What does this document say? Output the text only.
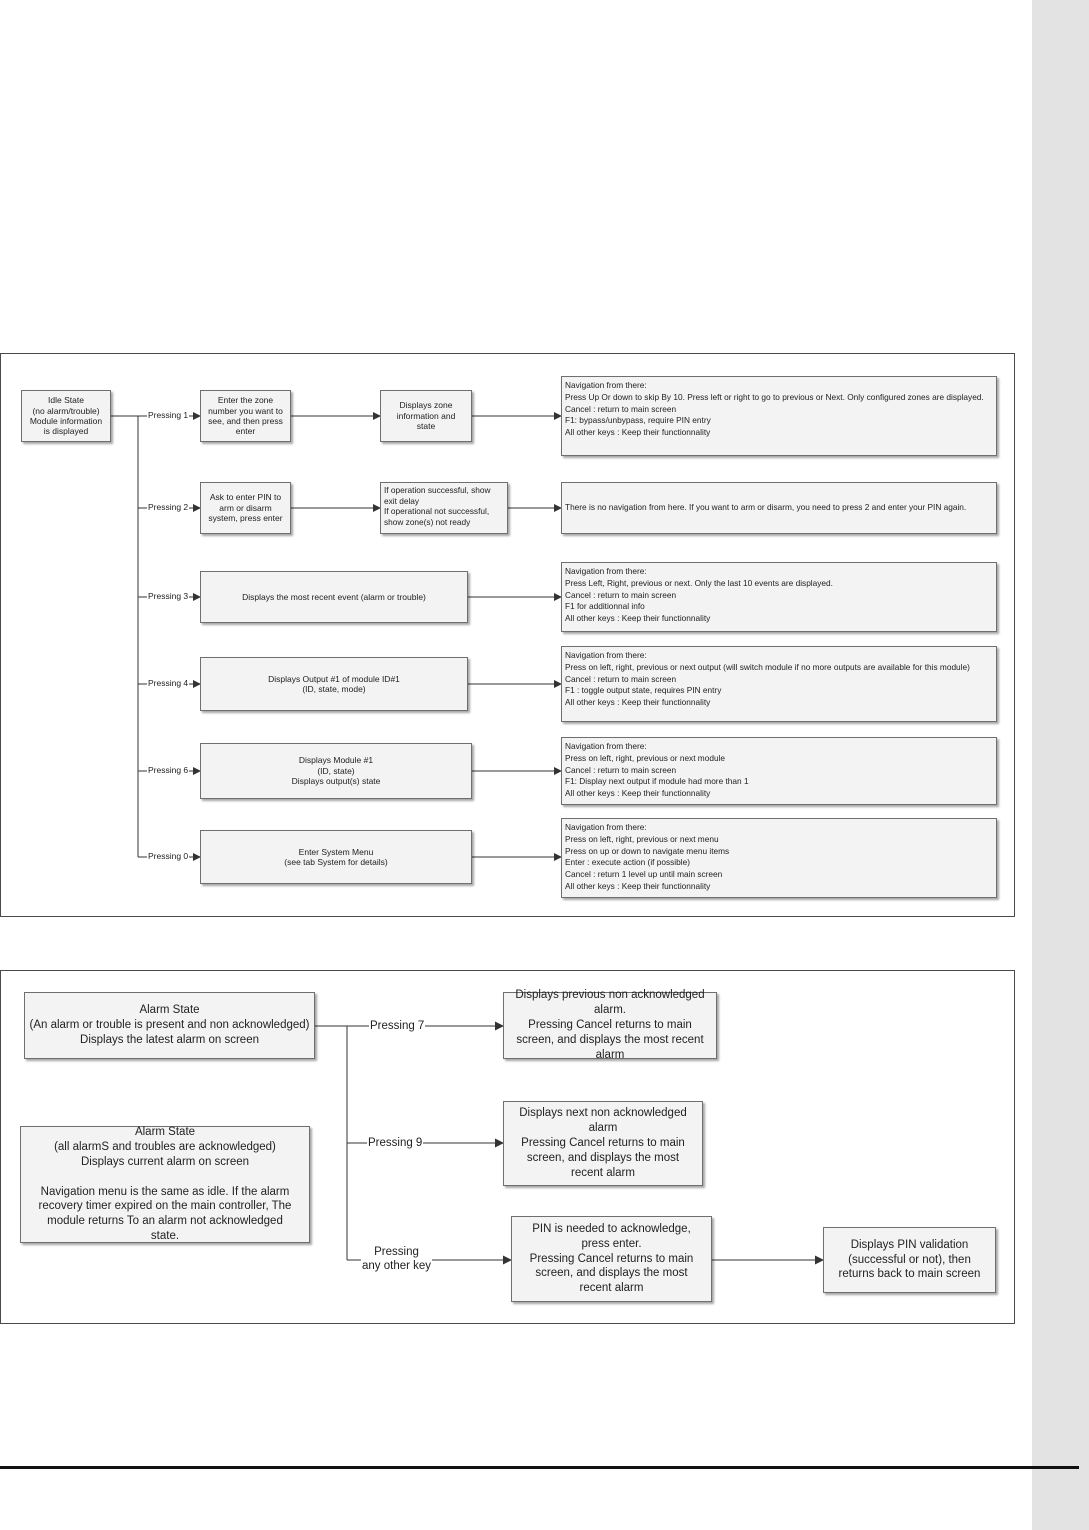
Idle State
(no alarm/trouble)
Module information
is displayed
Pressing 1
Enter the zone
number you want to
see, and then press
enter
Displays zone
information and
state
Navigation from there:
Press Up Or down to skip By 10. Press left or right to go to previous or Next. Only configured zones are displayed.
Cancel : return to main screen
F1: bypass/unbypass, require PIN entry
All other keys : Keep their functionnality
Pressing 2
Ask to enter PIN to
arm or disarm
system, press enter
If operation successful, show
exit delay
If operational not successful,
show zone(s) not ready
There is no navigation from here. If you want to arm or disarm, you need to press 2 and enter your PIN again.
Pressing 3	Displays the most recent event (alarm or trouble)
Navigation from there:
Press Left, Right, previous or next. Only the last 10 events are displayed.
Cancel : return to main screen
F1 for additionnal info
All other keys : Keep their functionnality
Pressing 4	Displays Output #1 of module ID#1
(ID, state, mode)
Navigation from there:
Press on left, right, previous or next output (will switch module if no more outputs are available for this module)
Cancel : return to main screen
F1 : toggle output state, requires PIN entry
All other keys : Keep their functionnality
Pressing 6
Displays Module #1
(ID, state)
Displays output(s) state
Navigation from there:
Press on left, right, previous or next module
Cancel : return to main screen
F1: Display next output if module had more than 1
All other keys : Keep their functionnality
Pressing 0	Enter System Menu
(see tab System for details)
Navigation from there:
Press on left, right, previous or next menu
Press on up or down to navigate menu items
Enter : execute action (if possible)
Cancel : return 1 level up until main screen
All other keys : Keep their functionnality
Alarm State
(An alarm or trouble is present and non acknowledged)
Displays the latest alarm on screen
Alarm State
(all alarmS and troubles are acknowledged)
Displays current alarm on screen

Navigation menu is the same as idle. If the alarm recovery timer expired on the main controller, The module returns To an alarm not acknowledged state.
Pressing 7
Displays previous non acknowledged alarm.
Pressing Cancel returns to main screen, and displays the most recent alarm
Pressing 9
Displays next non acknowledged alarm
Pressing Cancel returns to main screen, and displays the most recent alarm
Pressing
any other key
PIN is needed to acknowledge, press enter.
Pressing Cancel returns to main screen, and displays the most recent alarm
Displays PIN validation (successful or not), then returns back to main screen
